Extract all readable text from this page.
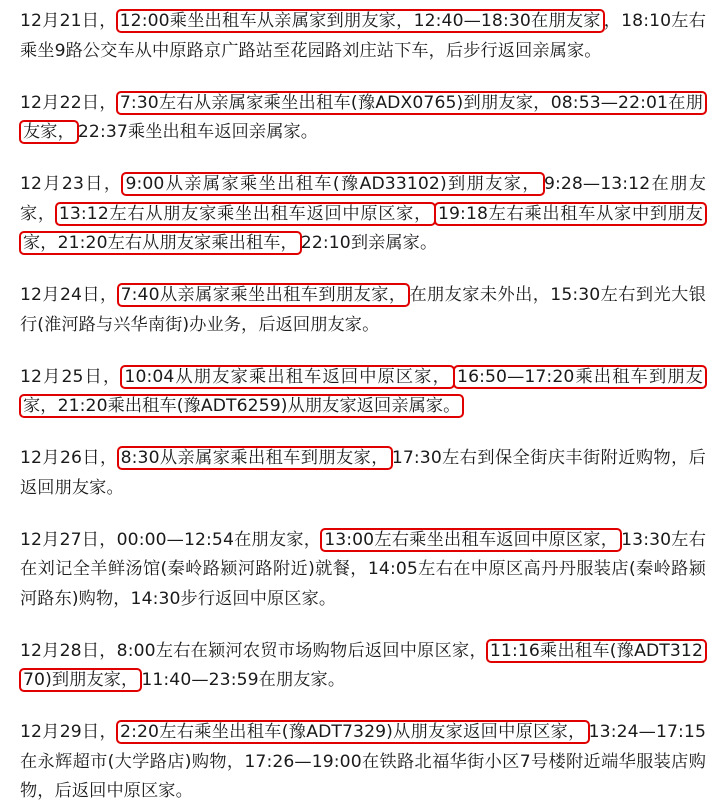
12月21日， 12:00乘坐出租车从亲属家到朋友家，12:40—18:30在朋友家 ，18:10左右乘坐9路公交车从中原路京广路站至花园路刘庄站下车，后步行返回亲属家。

12月22日， 7:30左右从亲属家乘坐出租车(豫ADX0765)到朋友家，08:53—22:01在朋友家， 22:37乘坐出租车返回亲属家。

12月23日， 9:00从亲属家乘坐出租车(豫AD33102)到朋友家， 9:28—13:12在朋友家， 13:12左右从朋友家乘坐出租车返回中原区家， 19:18左右乘出租车从家中到朋友家，21:20左右从朋友家乘出租车， 22:10到亲属家。

12月24日， 7:40从亲属家乘坐出租车到朋友家， 在朋友家未外出，15:30左右到光大银行(淮河路与兴华南街)办业务，后返回朋友家。

12月25日， 10:04从朋友家乘出租车返回中原区家， 16:50—17:20乘出租车到朋友家，21:20乘出租车(豫ADT6259)从朋友家返回亲属家。

12月26日， 8:30从亲属家乘出租车到朋友家， 17:30左右到保全街庆丰街附近购物，后返回朋友家。

12月27日，00:00—12:54在朋友家， 13:00左右乘坐出租车返回中原区家， 13:30左右在刘记全羊鲜汤馆(秦岭路颍河路附近)就餐，14:05左右在中原区高丹丹服装店(秦岭路颍河路东)购物，14:30步行返回中原区家。

12月28日，8:00左右在颍河农贸市场购物后返回中原区家， 11:16乘出租车(豫ADT31270)到朋友家， 11:40—23:59在朋友家。

12月29日， 2:20左右乘坐出租车(豫ADT7329)从朋友家返回中原区家， 13:24—17:15在永辉超市(大学路店)购物，17:26—19:00在铁路北福华街小区7号楼附近端华服装店购物，后返回中原区家。
